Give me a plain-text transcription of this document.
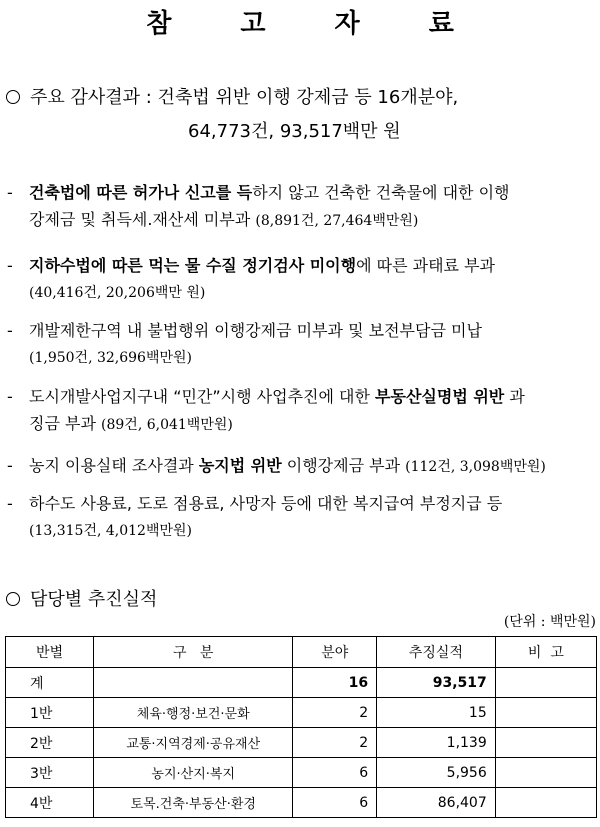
참 고 자 료
주요 감사결과 : 건축법 위반 이행 강제금 등 16개분야,
64,773건, 93,517백만 원
- 건축법에 따른 허가나 신고를 득하지 않고 건축한 건축물에 대한 이행
강제금 및 취득세.재산세 미부과 (8,891건, 27,464백만원)
- 지하수법에 따른 먹는 물 수질 정기검사 미이행에 따른 과태료 부과
(40,416건, 20,206백만 원)
- 개발제한구역 내 불법행위 이행강제금 미부과 및 보전부담금 미납
(1,950건, 32,696백만원)
- 도시개발사업지구내 “민간”시행 사업추진에 대한 부동산실명법 위반 과
징금 부과 (89건, 6,041백만원)
- 농지 이용실태 조사결과 농지법 위반 이행강제금 부과 (112건, 3,098백만원)
- 하수도 사용료, 도로 점용료, 사망자 등에 대한 복지급여 부정지급 등
(13,315건, 4,012백만원)
담당별 추진실적
(단위 : 백만원)
반별	구   분	분야	추징실적	비  고
계		16	93,517	
1반	체육·행정·보건·문화	2	15	
2반	교통·지역경제·공유재산	2	1,139	
3반	농지·산지·복지	6	5,956	
4반	토목.건축·부동산·환경	6	86,407	
